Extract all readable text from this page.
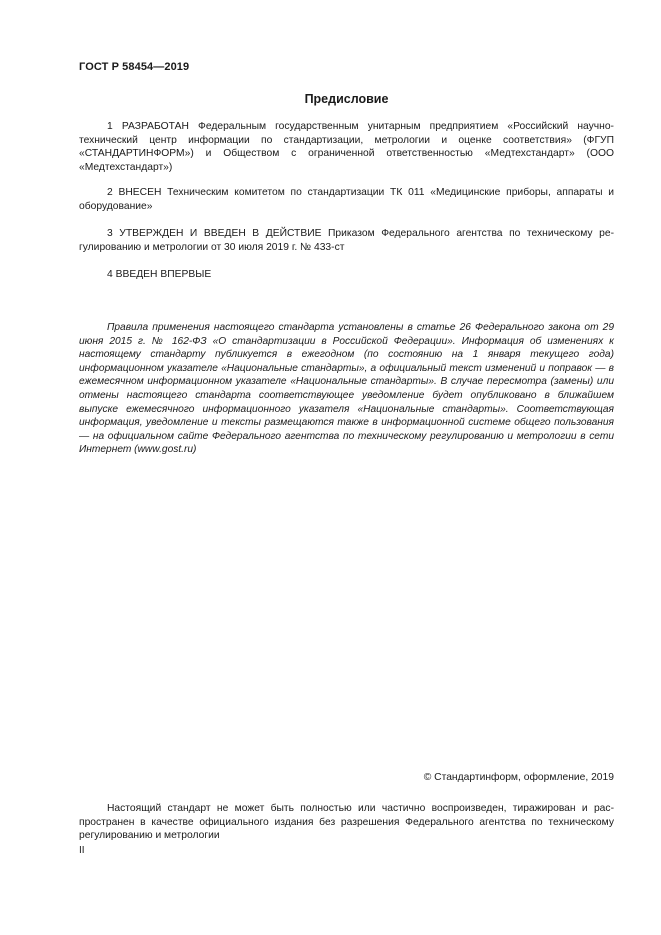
ГОСТ Р 58454—2019
Предисловие

1 РАЗРАБОТАН Федеральным государственным унитарным предприятием «Российский научно-технический центр информации по стандартизации, метрологии и оценке соответствия» (ФГУП «СТАНДАРТИНФОРМ») и Обществом с ограниченной ответственностью «Медтехстандарт» (ООО «Медтехстандарт»)

2 ВНЕСЕН Техническим комитетом по стандартизации ТК 011 «Медицинские приборы, аппараты и оборудование»

3 УТВЕРЖДЕН И ВВЕДЕН В ДЕЙСТВИЕ Приказом Федерального агентства по техническому регулированию и метрологии от 30 июля 2019 г. № 433-ст

4 ВВЕДЕН ВПЕРВЫЕ

Правила применения настоящего стандарта установлены в статье 26 Федерального закона от 29 июня 2015 г. № 162-ФЗ «О стандартизации в Российской Федерации». Информация об изменениях к настоящему стандарту публикуется в ежегодном (по состоянию на 1 января текущего года) информационном указателе «Национальные стандарты», а официальный текст изменений и поправок — в ежемесячном информационном указателе «Национальные стандарты». В случае пересмотра (замены) или отмены настоящего стандарта соответствующее уведомление будет опубликовано в ближайшем выпуске ежемесячного информационного указателя «Национальные стандарты». Соответствующая информация, уведомление и тексты размещаются также в информационной системе общего пользования — на официальном сайте Федерального агентства по техническому регулированию и метрологии в сети Интернет (www.gost.ru)

© Стандартинформ, оформление, 2019

Настоящий стандарт не может быть полностью или частично воспроизведен, тиражирован и распространен в качестве официального издания без разрешения Федерального агентства по техническому регулированию и метрологии

II
